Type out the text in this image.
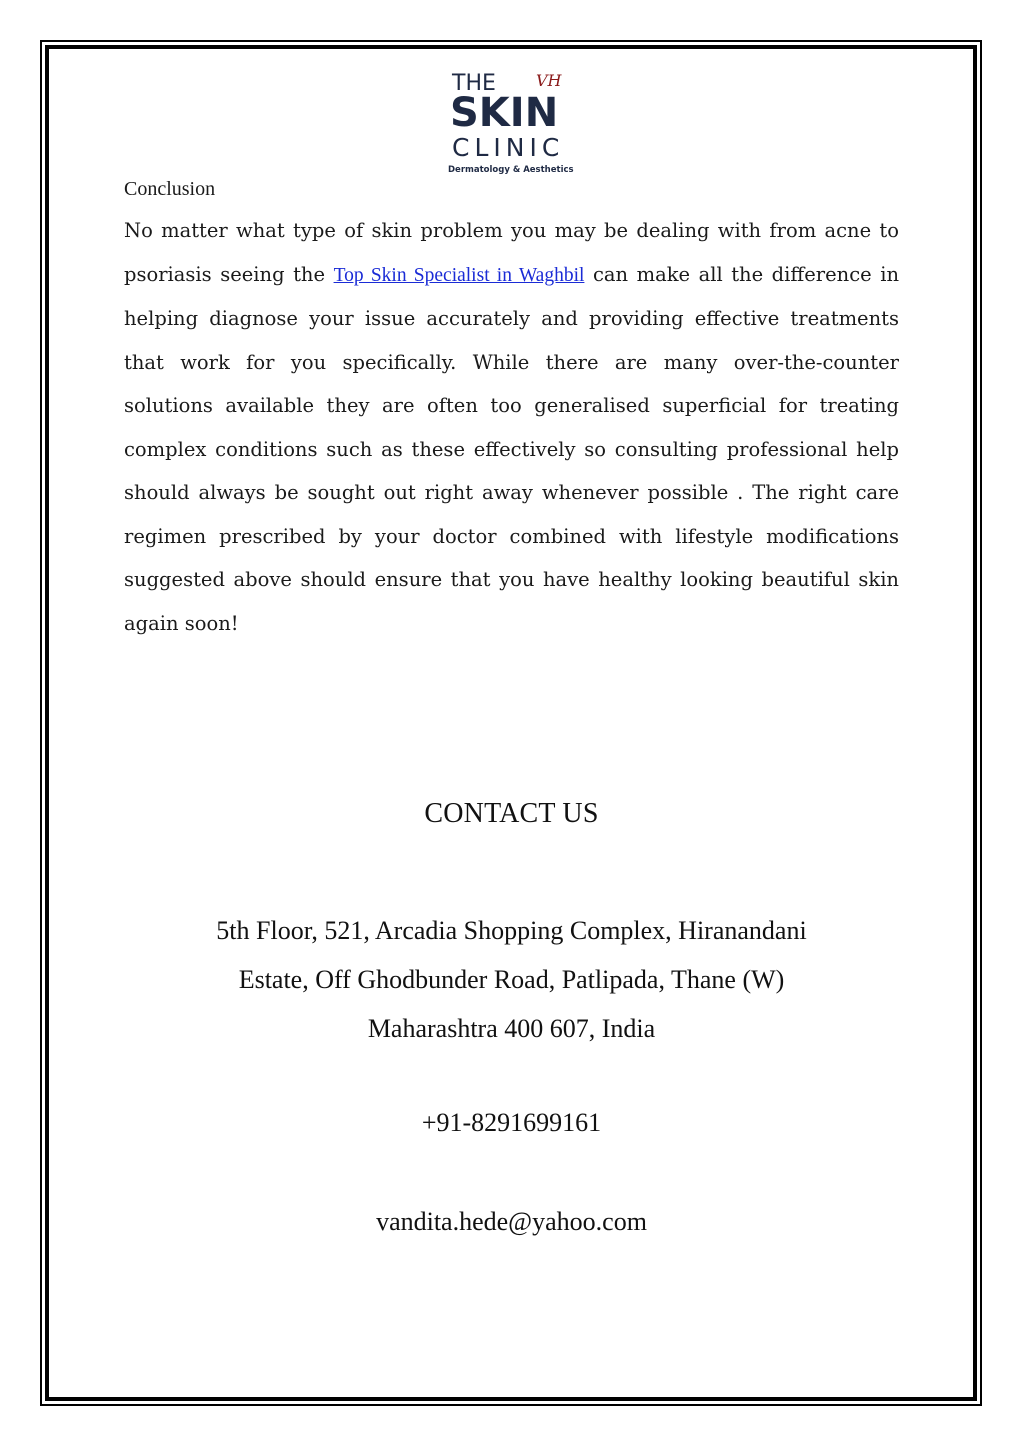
THE	VH
SKIN
CLINIC
Dermatology & Aesthetics
Conclusion

No matter what type of skin problem you may be dealing with from acne to psoriasis seeing the Top Skin Specialist in Waghbil can make all the difference in helping diagnose your issue accurately and providing effective treatments that work for you specifically. While there are many over-the-counter solutions available they are often too generalised superficial for treating complex conditions such as these effectively so consulting professional help should always be sought out right away whenever possible . The right care regimen prescribed by your doctor combined with lifestyle modifications suggested above should ensure that you have healthy looking beautiful skin again soon!

CONTACT US
5th Floor, 521, Arcadia Shopping Complex, Hiranandani
Estate, Off Ghodbunder Road, Patlipada, Thane (W)
Maharashtra 400 607, India
+91-8291699161
vandita.hede@yahoo.com
